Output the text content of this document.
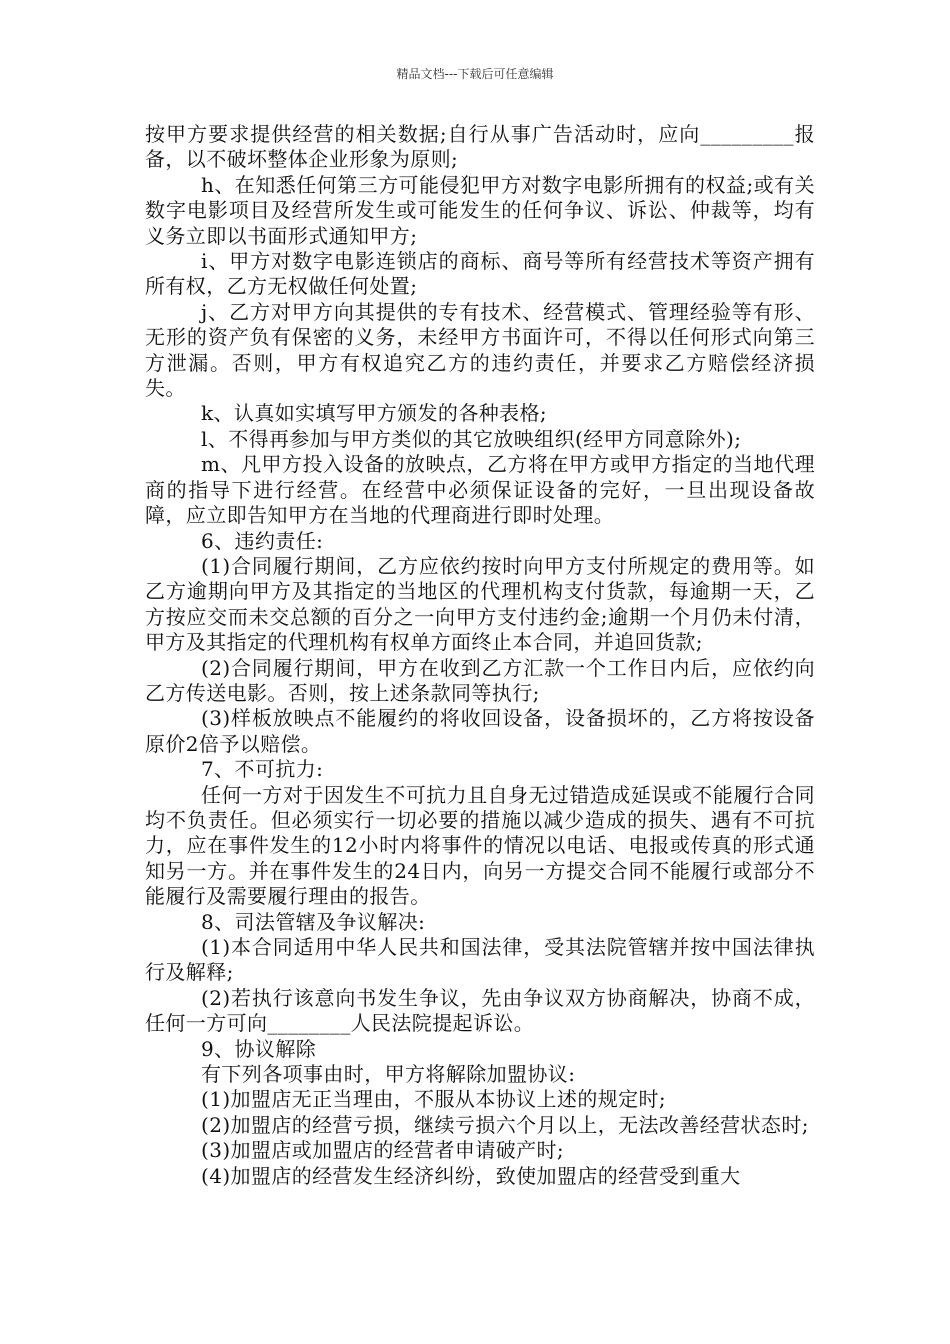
精品文档---下载后可任意编辑

按甲方要求提供经营的相关数据;自行从事广告活动时，应向_________报备，以不破坏整体企业形象为原则;

h、在知悉任何第三方可能侵犯甲方对数字电影所拥有的权益;或有关数字电影项目及经营所发生或可能发生的任何争议、诉讼、仲裁等，均有义务立即以书面形式通知甲方;

i、甲方对数字电影连锁店的商标、商号等所有经营技术等资产拥有所有权，乙方无权做任何处置;

j、乙方对甲方向其提供的专有技术、经营模式、管理经验等有形、无形的资产负有保密的义务，未经甲方书面许可，不得以任何形式向第三方泄漏。否则，甲方有权追究乙方的违约责任，并要求乙方赔偿经济损失。

k、认真如实填写甲方颁发的各种表格;

l、不得再参加与甲方类似的其它放映组织(经甲方同意除外);

m、凡甲方投入设备的放映点，乙方将在甲方或甲方指定的当地代理商的指导下进行经营。在经营中必须保证设备的完好，一旦出现设备故障，应立即告知甲方在当地的代理商进行即时处理。

6、违约责任:

(1)合同履行期间，乙方应依约按时向甲方支付所规定的费用等。如乙方逾期向甲方及其指定的当地区的代理机构支付货款，每逾期一天，乙方按应交而未交总额的百分之一向甲方支付违约金;逾期一个月仍未付清，甲方及其指定的代理机构有权单方面终止本合同，并追回货款;

(2)合同履行期间，甲方在收到乙方汇款一个工作日内后，应依约向乙方传送电影。否则，按上述条款同等执行;

(3)样板放映点不能履约的将收回设备，设备损坏的，乙方将按设备原价2倍予以赔偿。

7、不可抗力:

任何一方对于因发生不可抗力且自身无过错造成延误或不能履行合同均不负责任。但必须实行一切必要的措施以减少造成的损失、遇有不可抗力，应在事件发生的12小时内将事件的情况以电话、电报或传真的形式通知另一方。并在事件发生的24日内，向另一方提交合同不能履行或部分不能履行及需要履行理由的报告。

8、司法管辖及争议解决:

(1)本合同适用中华人民共和国法律，受其法院管辖并按中国法律执行及解释;

(2)若执行该意向书发生争议，先由争议双方协商解决，协商不成，任何一方可向________人民法院提起诉讼。

9、协议解除

有下列各项事由时，甲方将解除加盟协议:

(1)加盟店无正当理由，不服从本协议上述的规定时;

(2)加盟店的经营亏损，继续亏损六个月以上，无法改善经营状态时;

(3)加盟店或加盟店的经营者申请破产时;

(4)加盟店的经营发生经济纠纷，致使加盟店的经营受到重大
